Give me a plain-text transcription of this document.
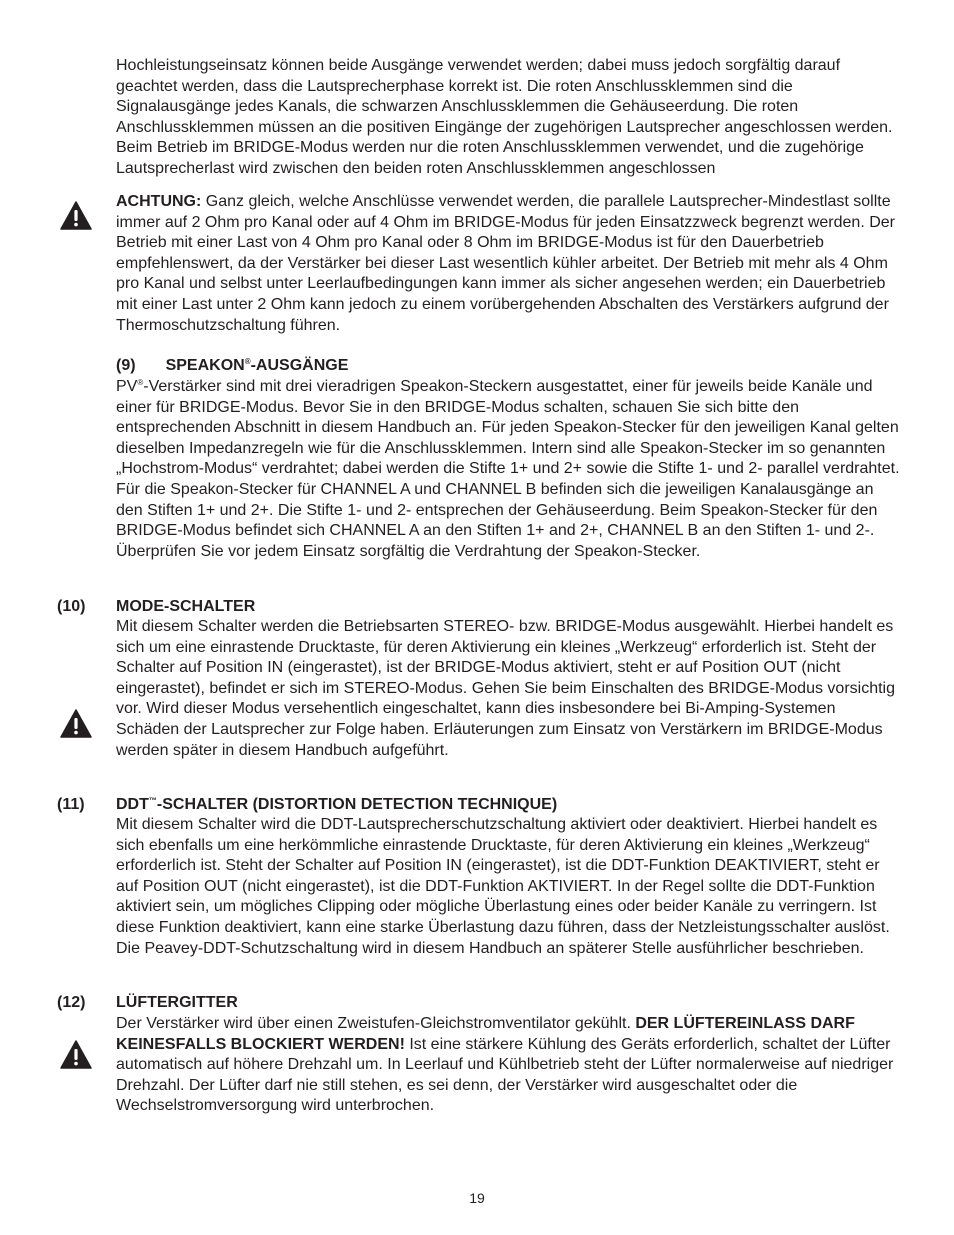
Hochleistungseinsatz können beide Ausgänge verwendet werden; dabei muss jedoch sorgfältig darauf geachtet werden, dass die Lautsprecherphase korrekt ist. Die roten Anschlussklemmen sind die Signalausgänge jedes Kanals, die schwarzen Anschlussklemmen die Gehäuseerdung. Die roten Anschlussklemmen müssen an die positiven Eingänge der zugehörigen Lautsprecher angeschlossen werden. Beim Betrieb im BRIDGE-Modus werden nur die roten Anschlussklemmen verwendet, und die zugehörige Lautsprecherlast wird zwischen den beiden roten Anschlussklemmen angeschlossen

ACHTUNG: Ganz gleich, welche Anschlüsse verwendet werden, die parallele Lautsprecher-Mindestlast sollte immer auf 2 Ohm pro Kanal oder auf 4 Ohm im BRIDGE-Modus für jeden Einsatzzweck begrenzt werden. Der Betrieb mit einer Last von 4 Ohm pro Kanal oder 8 Ohm im BRIDGE-Modus ist für den Dauerbetrieb empfehlenswert, da der Verstärker bei dieser Last wesentlich kühler arbeitet. Der Betrieb mit mehr als 4 Ohm pro Kanal und selbst unter Leerlaufbedingungen kann immer als sicher angesehen werden; ein Dauerbetrieb mit einer Last unter 2 Ohm kann jedoch zu einem vorübergehenden Abschalten des Verstärkers aufgrund der Thermoschutzschaltung führen.

(9) SPEAKON®-AUSGÄNGE

PV®-Verstärker sind mit drei vieradrigen Speakon-Steckern ausgestattet, einer für jeweils beide Kanäle und einer für BRIDGE-Modus. Bevor Sie in den BRIDGE-Modus schalten, schauen Sie sich bitte den entsprechenden Abschnitt in diesem Handbuch an. Für jeden Speakon-Stecker für den jeweiligen Kanal gelten dieselben Impedanzregeln wie für die Anschlussklemmen. Intern sind alle Speakon-Stecker im so genannten „Hochstrom-Modus“ verdrahtet; dabei werden die Stifte 1+ und 2+ sowie die Stifte 1- und 2- parallel verdrahtet. Für die Speakon-Stecker für CHANNEL A und CHANNEL B befinden sich die jeweiligen Kanalausgänge an den Stiften 1+ und 2+. Die Stifte 1- und 2- entsprechen der Gehäuseerdung. Beim Speakon-Stecker für den BRIDGE-Modus befindet sich CHANNEL A an den Stiften 1+ and 2+, CHANNEL B an den Stiften 1- und 2-. Überprüfen Sie vor jedem Einsatz sorgfältig die Verdrahtung der Speakon-Stecker.

(10) MODE-SCHALTER

Mit diesem Schalter werden die Betriebsarten STEREO- bzw. BRIDGE-Modus ausgewählt. Hierbei handelt es sich um eine einrastende Drucktaste, für deren Aktivierung ein kleines „Werkzeug“ erforderlich ist. Steht der Schalter auf Position IN (eingerastet), ist der BRIDGE-Modus aktiviert, steht er auf Position OUT (nicht eingerastet), befindet er sich im STEREO-Modus. Gehen Sie beim Einschalten des BRIDGE-Modus vorsichtig vor. Wird dieser Modus versehentlich eingeschaltet, kann dies insbesondere bei Bi-Amping-Systemen Schäden der Lautsprecher zur Folge haben. Erläuterungen zum Einsatz von Verstärkern im BRIDGE-Modus werden später in diesem Handbuch aufgeführt.

(11) DDT™-SCHALTER (DISTORTION DETECTION TECHNIQUE)

Mit diesem Schalter wird die DDT-Lautsprecherschutzschaltung aktiviert oder deaktiviert. Hierbei handelt es sich ebenfalls um eine herkömmliche einrastende Drucktaste, für deren Aktivierung ein kleines „Werkzeug“ erforderlich ist. Steht der Schalter auf Position IN (eingerastet), ist die DDT-Funktion DEAKTIVIERT, steht er auf Position OUT (nicht eingerastet), ist die DDT-Funktion AKTIVIERT. In der Regel sollte die DDT-Funktion aktiviert sein, um mögliches Clipping oder mögliche Überlastung eines oder beider Kanäle zu verringern. Ist diese Funktion deaktiviert, kann eine starke Überlastung dazu führen, dass der Netzleistungsschalter auslöst. Die Peavey-DDT-Schutzschaltung wird in diesem Handbuch an späterer Stelle ausführlicher beschrieben.

(12) LÜFTERGITTER

Der Verstärker wird über einen Zweistufen-Gleichstromventilator gekühlt. DER LÜFTEREINLASS DARF KEINESFALLS BLOCKIERT WERDEN! Ist eine stärkere Kühlung des Geräts erforderlich, schaltet der Lüfter automatisch auf höhere Drehzahl um. In Leerlauf und Kühlbetrieb steht der Lüfter normalerweise auf niedriger Drehzahl. Der Lüfter darf nie still stehen, es sei denn, der Verstärker wird ausgeschaltet oder die Wechselstromversorgung wird unterbrochen.

19
